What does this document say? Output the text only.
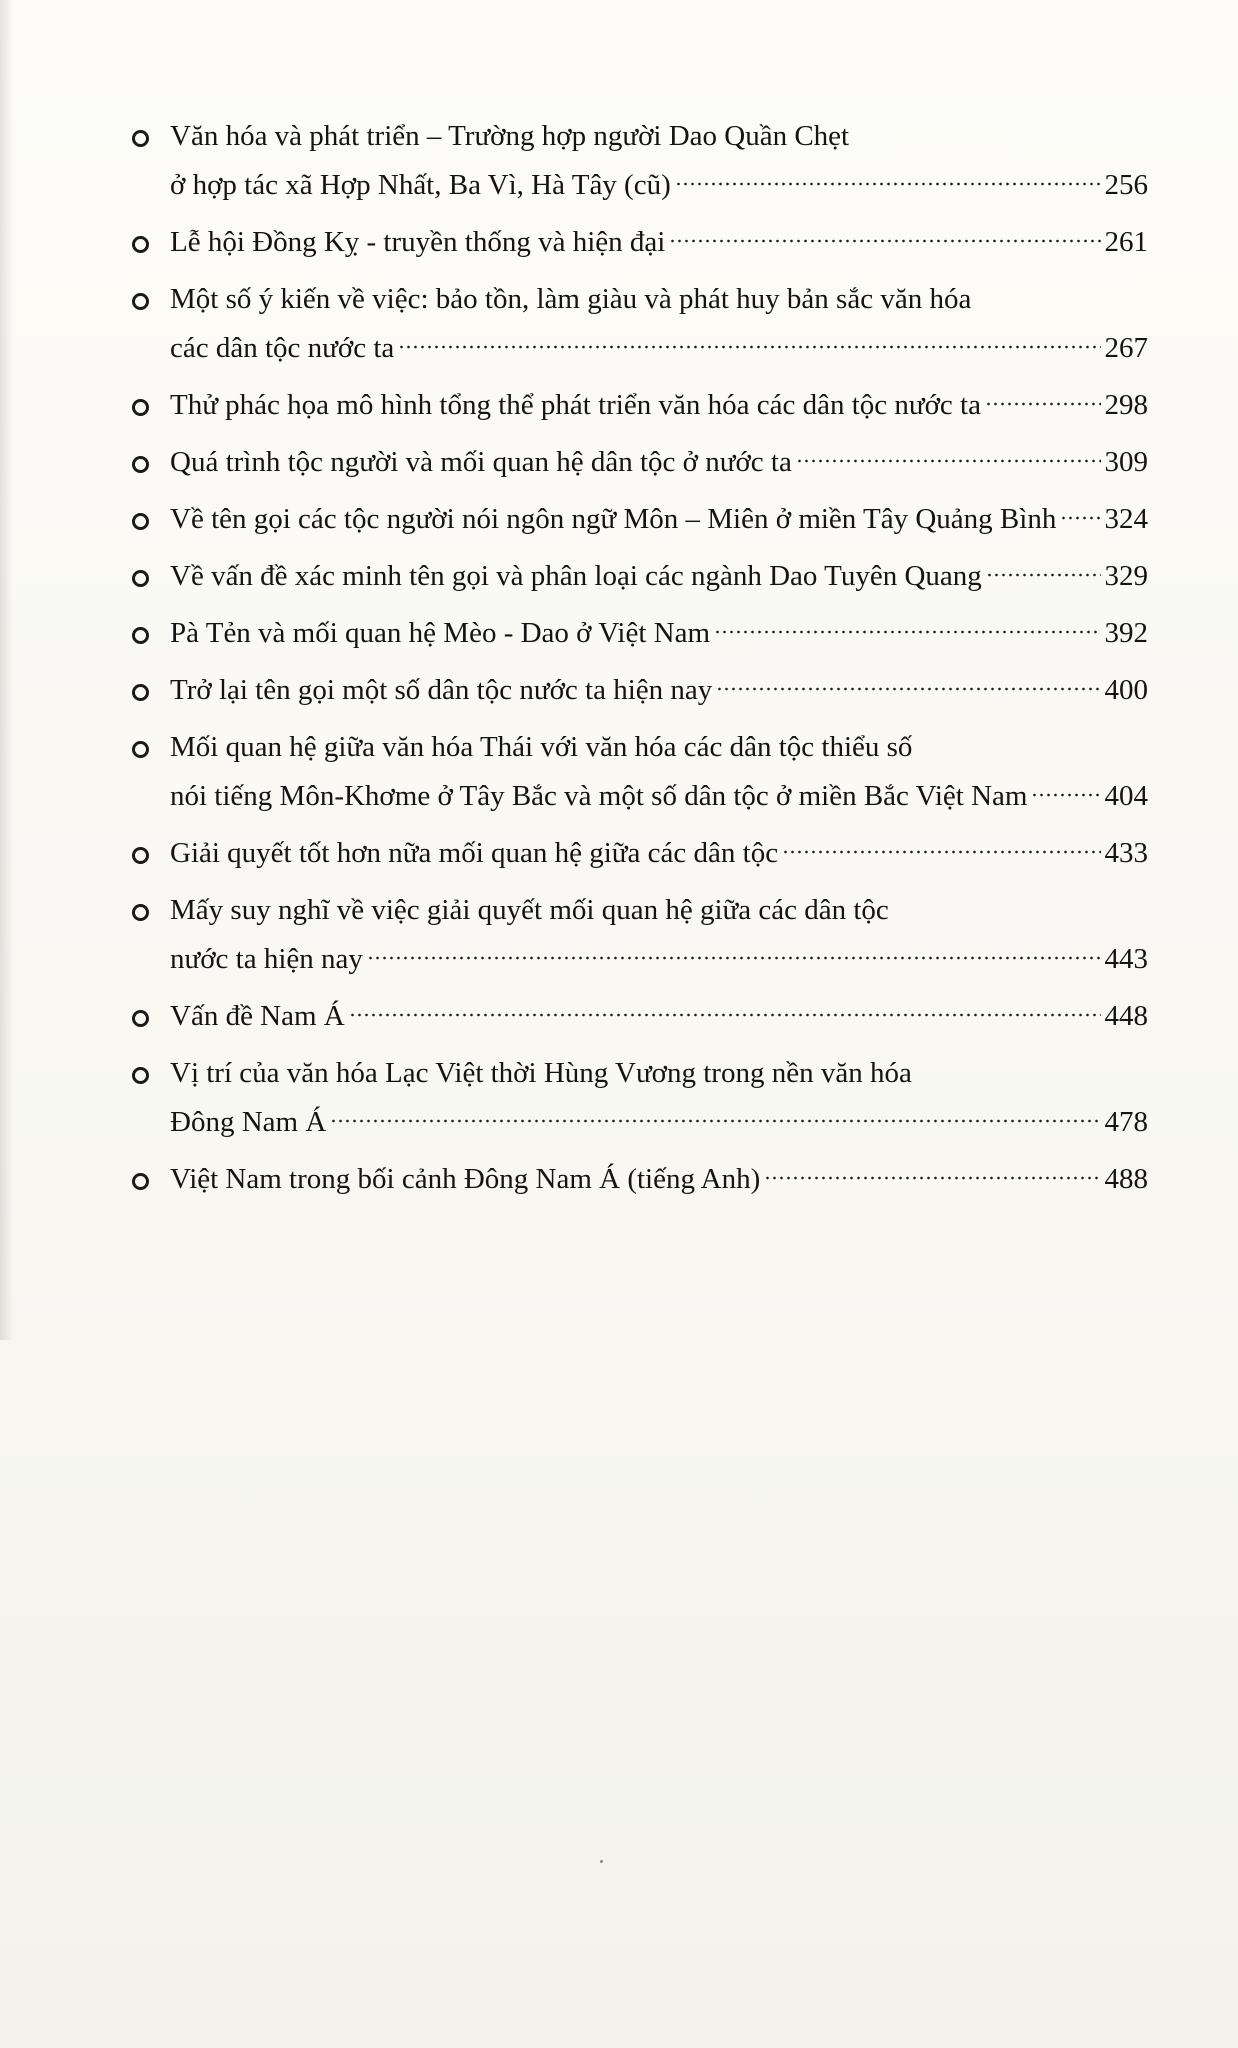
Văn hóa và phát triển – Trường hợp người Dao Quần Chẹt
ở hợp tác xã Hợp Nhất, Ba Vì, Hà Tây (cũ)	256
Lễ hội Đồng Kỵ - truyền thống và hiện đại	261
Một số ý kiến về việc: bảo tồn, làm giàu và phát huy bản sắc văn hóa
các dân tộc nước ta	267
Thử phác họa mô hình tổng thể phát triển văn hóa các dân tộc nước ta	298
Quá trình tộc người và mối quan hệ dân tộc ở nước ta	309
Về tên gọi các tộc người nói ngôn ngữ Môn – Miên ở miền Tây Quảng Bình 324
Về vấn đề xác minh tên gọi và phân loại các ngành Dao Tuyên Quang	329
Pà Tẻn và mối quan hệ Mèo - Dao ở Việt Nam	392
Trở lại tên gọi một số dân tộc nước ta hiện nay	400
Mối quan hệ giữa văn hóa Thái với văn hóa các dân tộc thiểu số
nói tiếng Môn-Khơme ở Tây Bắc và một số dân tộc ở miền Bắc Việt Nam	404
Giải quyết tốt hơn nữa mối quan hệ giữa các dân tộc	433
Mấy suy nghĩ về việc giải quyết mối quan hệ giữa các dân tộc
nước ta hiện nay	443
Vấn đề Nam Á	448
Vị trí của văn hóa Lạc Việt thời Hùng Vương trong nền văn hóa
Đông Nam Á	478
Việt Nam trong bối cảnh Đông Nam Á (tiếng Anh)	488
